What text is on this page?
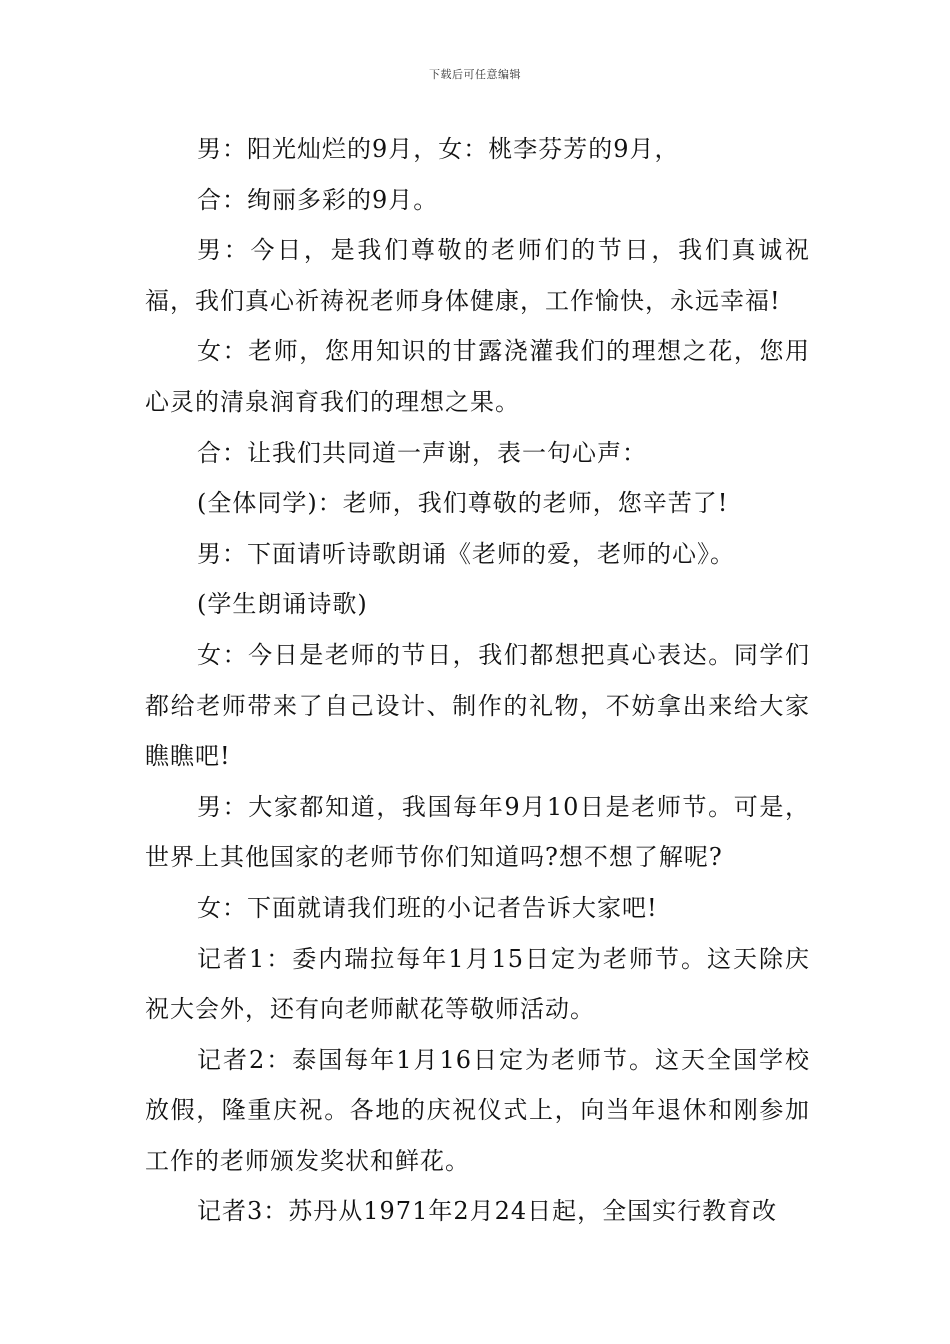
下载后可任意编辑

男：阳光灿烂的9月，女：桃李芬芳的9月，

合：绚丽多彩的9月。

男：今日，是我们尊敬的老师们的节日，我们真诚祝福，我们真心祈祷祝老师身体健康，工作愉快，永远幸福!

女：老师，您用知识的甘露浇灌我们的理想之花，您用心灵的清泉润育我们的理想之果。

合：让我们共同道一声谢，表一句心声：

(全体同学)：老师，我们尊敬的老师，您辛苦了!

男：下面请听诗歌朗诵《老师的爱，老师的心》。

(学生朗诵诗歌)

女：今日是老师的节日，我们都想把真心表达。同学们都给老师带来了自己设计、制作的礼物，不妨拿出来给大家瞧瞧吧!

男：大家都知道，我国每年9月10日是老师节。可是，世界上其他国家的老师节你们知道吗?想不想了解呢?

女：下面就请我们班的小记者告诉大家吧!

记者1：委内瑞拉每年1月15日定为老师节。这天除庆祝大会外，还有向老师献花等敬师活动。

记者2：泰国每年1月16日定为老师节。这天全国学校放假，隆重庆祝。各地的庆祝仪式上，向当年退休和刚参加工作的老师颁发奖状和鲜花。

记者3：苏丹从1971年2月24日起，全国实行教育改
